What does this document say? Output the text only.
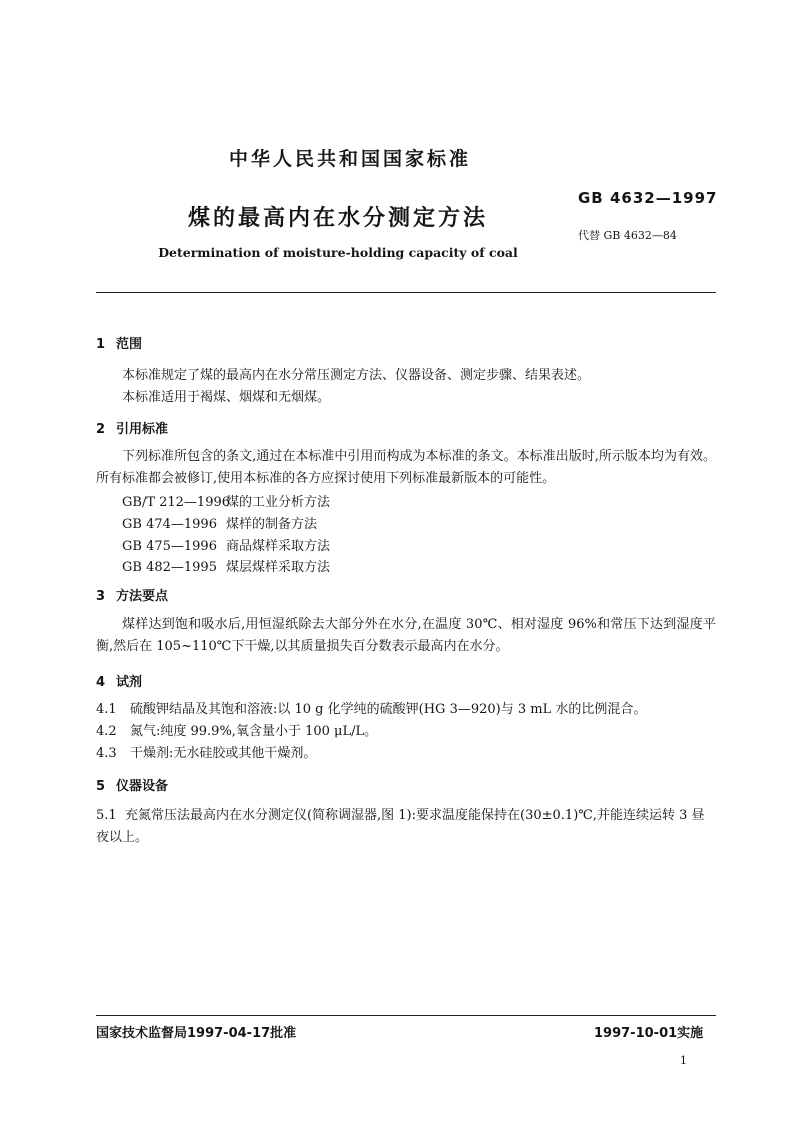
中华人民共和国国家标准
GB 4632—1997
煤的最高内在水分测定方法
代替 GB 4632—84
Determination of moisture-holding capacity of coal
1 范围
本标准规定了煤的最高内在水分常压测定方法、仪器设备、测定步骤、结果表述。
本标准适用于褐煤、烟煤和无烟煤。
2 引用标准
下列标准所包含的条文,通过在本标准中引用而构成为本标准的条文。本标准出版时,所示版本均为有效。所有标准都会被修订,使用本标准的各方应探讨使用下列标准最新版本的可能性。
GB/T 212—1996煤的工业分析方法
GB 474—1996 煤样的制备方法
GB 475—1996 商品煤样采取方法
GB 482—1995 煤层煤样采取方法
3 方法要点
煤样达到饱和吸水后,用恒湿纸除去大部分外在水分,在温度 30℃、相对湿度 96%和常压下达到湿度平衡,然后在 105~110℃下干燥,以其质量损失百分数表示最高内在水分。
4 试剂
4.1 硫酸钾结晶及其饱和溶液:以 10 g 化学纯的硫酸钾(HG 3—920)与 3 mL 水的比例混合。
4.2 氮气:纯度 99.9%,氧含量小于 100 μL/L。
4.3 干燥剂:无水硅胶或其他干燥剂。
5 仪器设备
5.1 充氮常压法最高内在水分测定仪(简称调湿器,图 1):要求温度能保持在(30±0.1)℃,并能连续运转 3 昼夜以上。
国家技术监督局1997-04-17批准	1997-10-01实施
1
